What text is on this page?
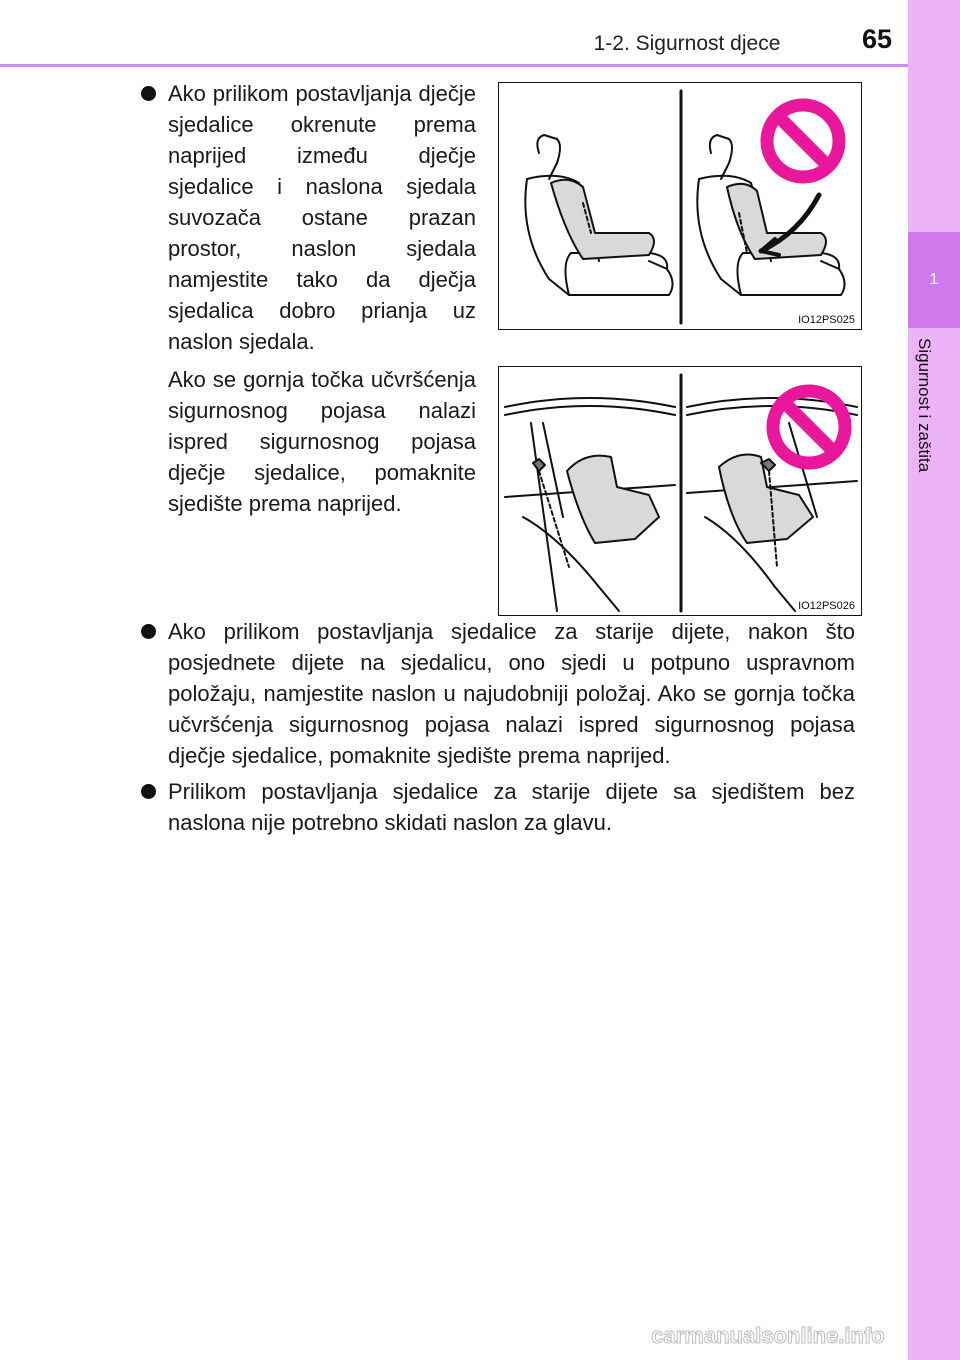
1-2. Sigurnost djece	65
1
Sigurnost i zaštita
Ako prilikom postavljanja dječje sjedalice okrenute prema naprijed između dječje sjedalice i naslona sjedala suvozača ostane prazan prostor, naslon sjedala namjestite tako da dječja sjedalica dobro prianja uz naslon sjedala.
Ako se gornja točka učvršćenja sigurnosnog pojasa nalazi ispred sigurnosnog pojasa dječje sjedalice, pomaknite sjedište prema naprijed.
Ako prilikom postavljanja sjedalice za starije dijete, nakon što posjednete dijete na sjedalicu, ono sjedi u potpuno uspravnom položaju, namjestite naslon u najudobniji položaj. Ako se gornja točka učvršćenja sigurnosnog pojasa nalazi ispred sigurnosnog pojasa dječje sjedalice, pomaknite sjedište prema naprijed.
Prilikom postavljanja sjedalice za starije dijete sa sjedištem bez naslona nije potrebno skidati naslon za glavu.
IO12PS025
IO12PS026
carmanualsonline.info
